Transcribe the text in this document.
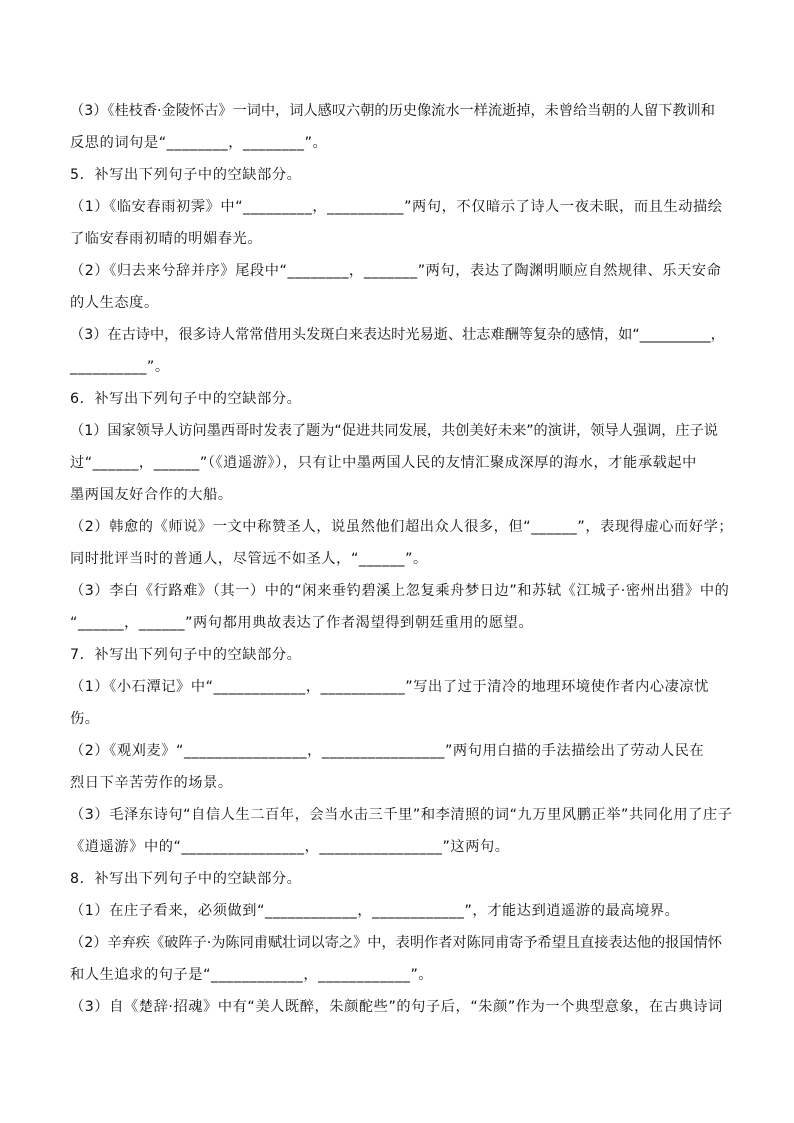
（3）《桂枝香·金陵怀古》一词中，词人感叹六朝的历史像流水一样流逝掉，未曾给当朝的人留下教训和
反思的词句是“________，________”。
5．补写出下列句子中的空缺部分。
（1）《临安春雨初霁》中“_________，__________”两句，不仅暗示了诗人一夜未眠，而且生动描绘
了临安春雨初晴的明媚春光。
（2）《归去来兮辞并序》尾段中“________，_______”两句，表达了陶渊明顺应自然规律、乐天安命
的人生态度。
（3）在古诗中，很多诗人常常借用头发斑白来表达时光易逝、壮志难酬等复杂的感情，如“__________，
__________”。
6．补写出下列句子中的空缺部分。
（1）国家领导人访问墨西哥时发表了题为“促进共同发展，共创美好未来”的演讲，领导人强调，庄子说
过“______，______”（《逍遥游》），只有让中墨两国人民的友情汇聚成深厚的海水，才能承载起中
墨两国友好合作的大船。
（2）韩愈的《师说》一文中称赞圣人，说虽然他们超出众人很多，但“______”，表现得虚心而好学；
同时批评当时的普通人，尽管远不如圣人，“______”。
（3）李白《行路难》（其一）中的“闲来垂钓碧溪上忽复乘舟梦日边”和苏轼《江城子·密州出猎》中的
“______，______”两句都用典故表达了作者渴望得到朝廷重用的愿望。
7．补写出下列句子中的空缺部分。
（1）《小石潭记》中“____________，___________”写出了过于清冷的地理环境使作者内心凄凉忧
伤。
（2）《观刈麦》“________________，________________”两句用白描的手法描绘出了劳动人民在
烈日下辛苦劳作的场景。
（3）毛泽东诗句“自信人生二百年，会当水击三千里”和李清照的词“九万里风鹏正举”共同化用了庄子
《逍遥游》中的“________________，________________”这两句。
8．补写出下列句子中的空缺部分。
（1）在庄子看来，必须做到“____________，____________”，才能达到逍遥游的最高境界。
（2）辛弃疾《破阵子·为陈同甫赋壮词以寄之》中，表明作者对陈同甫寄予希望且直接表达他的报国情怀
和人生追求的句子是“____________，____________”。
（3）自《楚辞·招魂》中有“美人既醉，朱颜酡些”的句子后，“朱颜”作为一个典型意象，在古典诗词
